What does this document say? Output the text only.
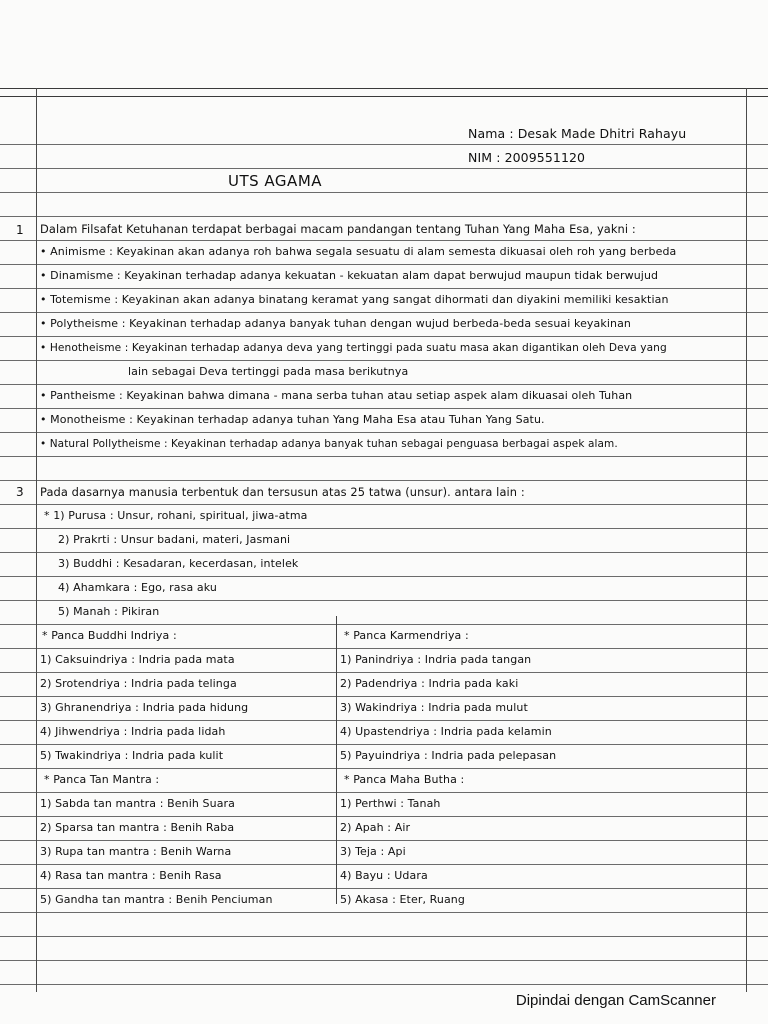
Nama : Desak Made Dhitri Rahayu
NIM : 2009551120
UTS AGAMA
1 Dalam Filsafat Ketuhanan terdapat berbagai macam pandangan tentang Tuhan Yang Maha Esa, yakni :
• Animisme : Keyakinan akan adanya roh bahwa segala sesuatu di alam semesta dikuasai oleh roh yang berbeda
• Dinamisme : Keyakinan terhadap adanya kekuatan - kekuatan alam dapat berwujud maupun tidak berwujud
• Totemisme : Keyakinan akan adanya binatang keramat yang sangat dihormati dan diyakini memiliki kesaktian
• Polytheisme : Keyakinan terhadap adanya banyak tuhan dengan wujud berbeda-beda sesuai keyakinan
• Henotheisme : Keyakinan terhadap adanya deva yang tertinggi pada suatu masa akan digantikan oleh Deva yang
lain sebagai Deva tertinggi pada masa berikutnya
• Pantheisme : Keyakinan bahwa dimana - mana serba tuhan atau setiap aspek alam dikuasai oleh Tuhan
• Monotheisme : Keyakinan terhadap adanya tuhan Yang Maha Esa atau Tuhan Yang Satu.
• Natural Pollytheisme : Keyakinan terhadap adanya banyak tuhan sebagai penguasa berbagai aspek alam.
3 Pada dasarnya manusia terbentuk dan tersusun atas 25 tatwa (unsur). antara lain :
* 1) Purusa : Unsur, rohani, spiritual, jiwa-atma
2) Prakrti : Unsur badani, materi, Jasmani
3) Buddhi : Kesadaran, kecerdasan, intelek
4) Ahamkara : Ego, rasa aku
5) Manah : Pikiran
* Panca Buddhi Indriya :
1) Caksuindriya : Indria pada mata
2) Srotendriya : Indria pada telinga
3) Ghranendriya : Indria pada hidung
4) Jihwendriya : Indria pada lidah
5) Twakindriya : Indria pada kulit
* Panca Karmendriya :
1) Panindriya : Indria pada tangan
2) Padendriya : Indria pada kaki
3) Wakindriya : Indria pada mulut
4) Upastendriya : Indria pada kelamin
5) Payuindriya : Indria pada pelepasan
* Panca Tan Mantra :
1) Sabda tan mantra : Benih Suara
2) Sparsa tan mantra : Benih Raba
3) Rupa tan mantra : Benih Warna
4) Rasa tan mantra : Benih Rasa
5) Gandha tan mantra : Benih Penciuman
* Panca Maha Butha :
1) Perthwi : Tanah
2) Apah : Air
3) Teja : Api
4) Bayu : Udara
5) Akasa : Eter, Ruang
Dipindai dengan CamScanner
